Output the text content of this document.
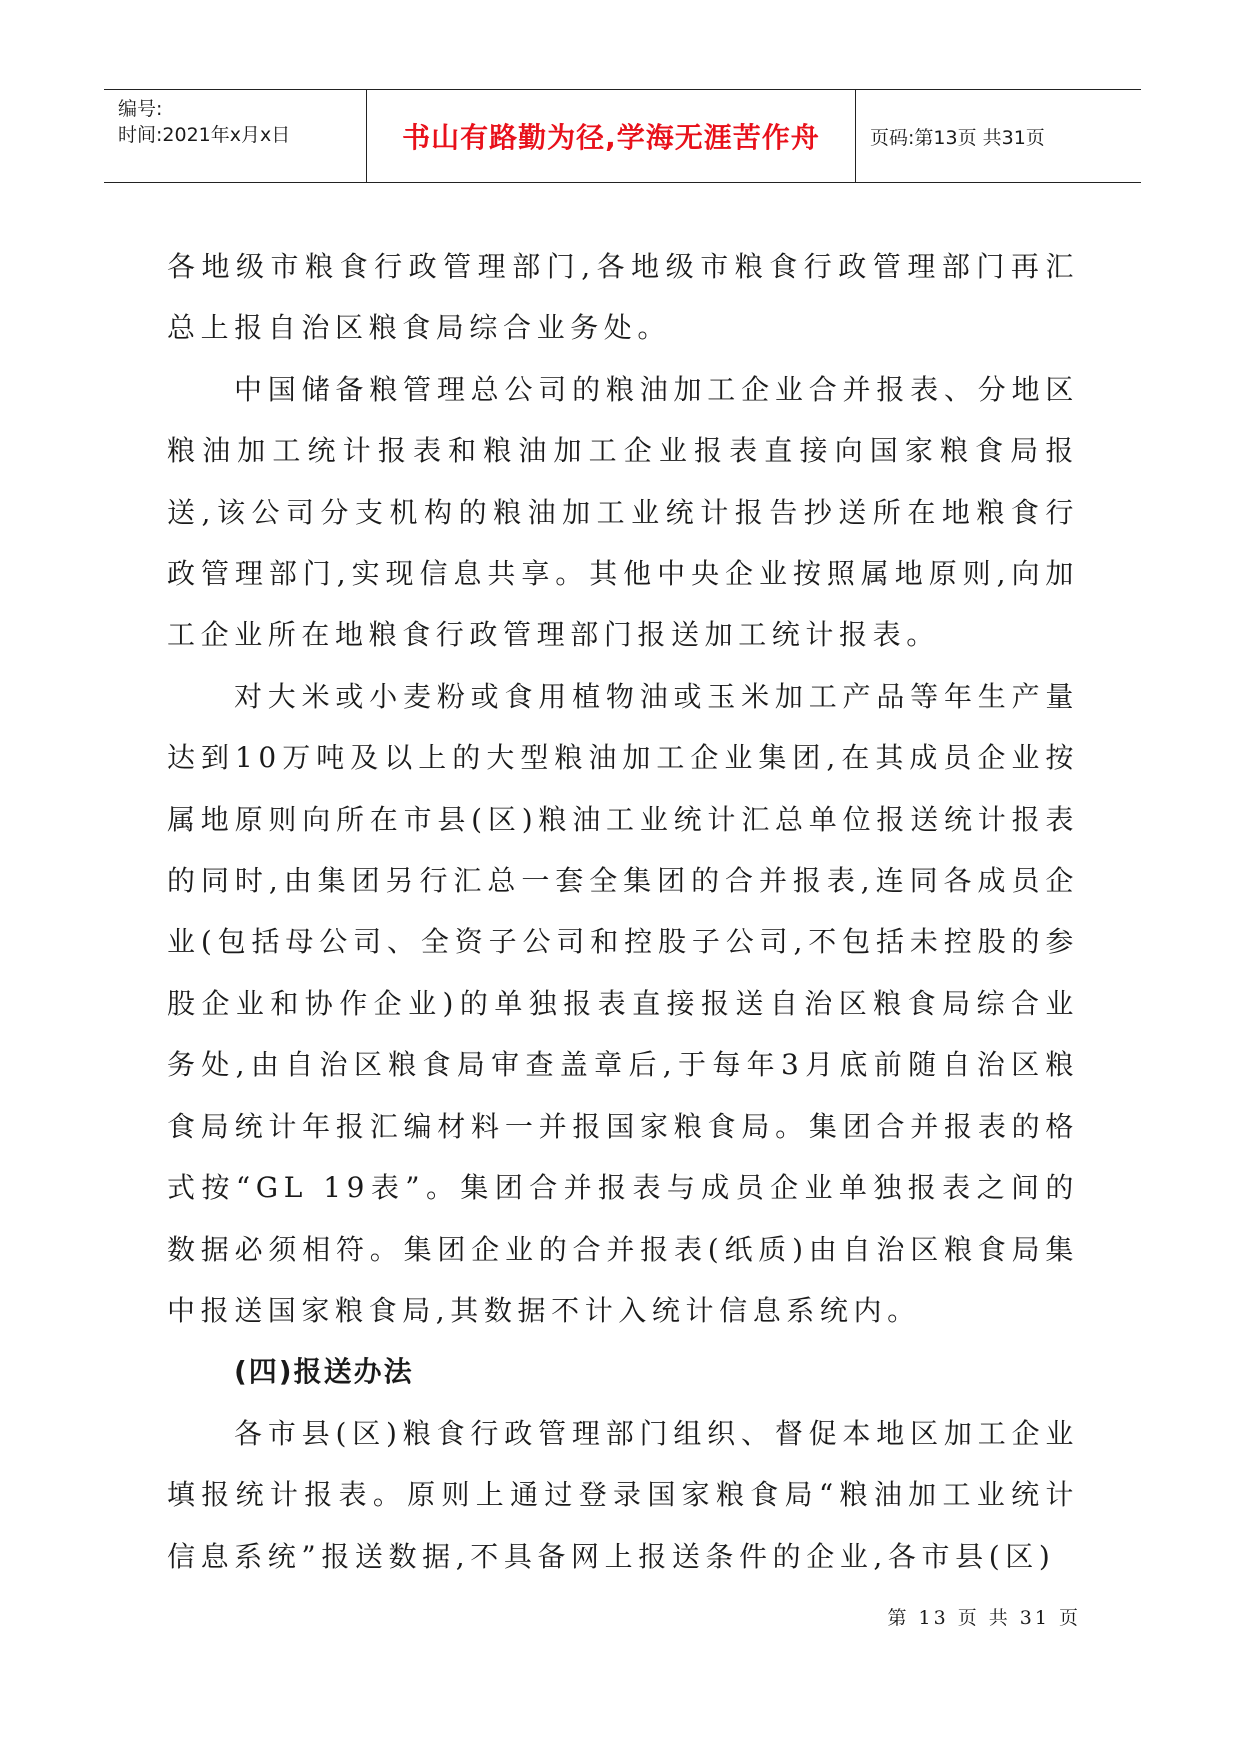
编号:
时间:2021年x月x日	书山有路勤为径,学海无涯苦作舟	页码:第13页 共31页

各地级市粮食行政管理部门,各地级市粮食行政管理部门再汇总上报自治区粮食局综合业务处。

中国储备粮管理总公司的粮油加工企业合并报表、分地区粮油加工统计报表和粮油加工企业报表直接向国家粮食局报送,该公司分支机构的粮油加工业统计报告抄送所在地粮食行政管理部门,实现信息共享。其他中央企业按照属地原则,向加工企业所在地粮食行政管理部门报送加工统计报表。

对大米或小麦粉或食用植物油或玉米加工产品等年生产量达到10万吨及以上的大型粮油加工企业集团,在其成员企业按属地原则向所在市县(区)粮油工业统计汇总单位报送统计报表的同时,由集团另行汇总一套全集团的合并报表,连同各成员企业(包括母公司、全资子公司和控股子公司,不包括未控股的参股企业和协作企业)的单独报表直接报送自治区粮食局综合业务处,由自治区粮食局审查盖章后,于每年3月底前随自治区粮食局统计年报汇编材料一并报国家粮食局。集团合并报表的格式按“GL 19表”。集团合并报表与成员企业单独报表之间的数据必须相符。集团企业的合并报表(纸质)由自治区粮食局集中报送国家粮食局,其数据不计入统计信息系统内。

(四)报送办法

各市县(区)粮食行政管理部门组织、督促本地区加工企业填报统计报表。原则上通过登录国家粮食局“粮油加工业统计信息系统”报送数据,不具备网上报送条件的企业,各市县(区)

第 13 页 共 31 页
